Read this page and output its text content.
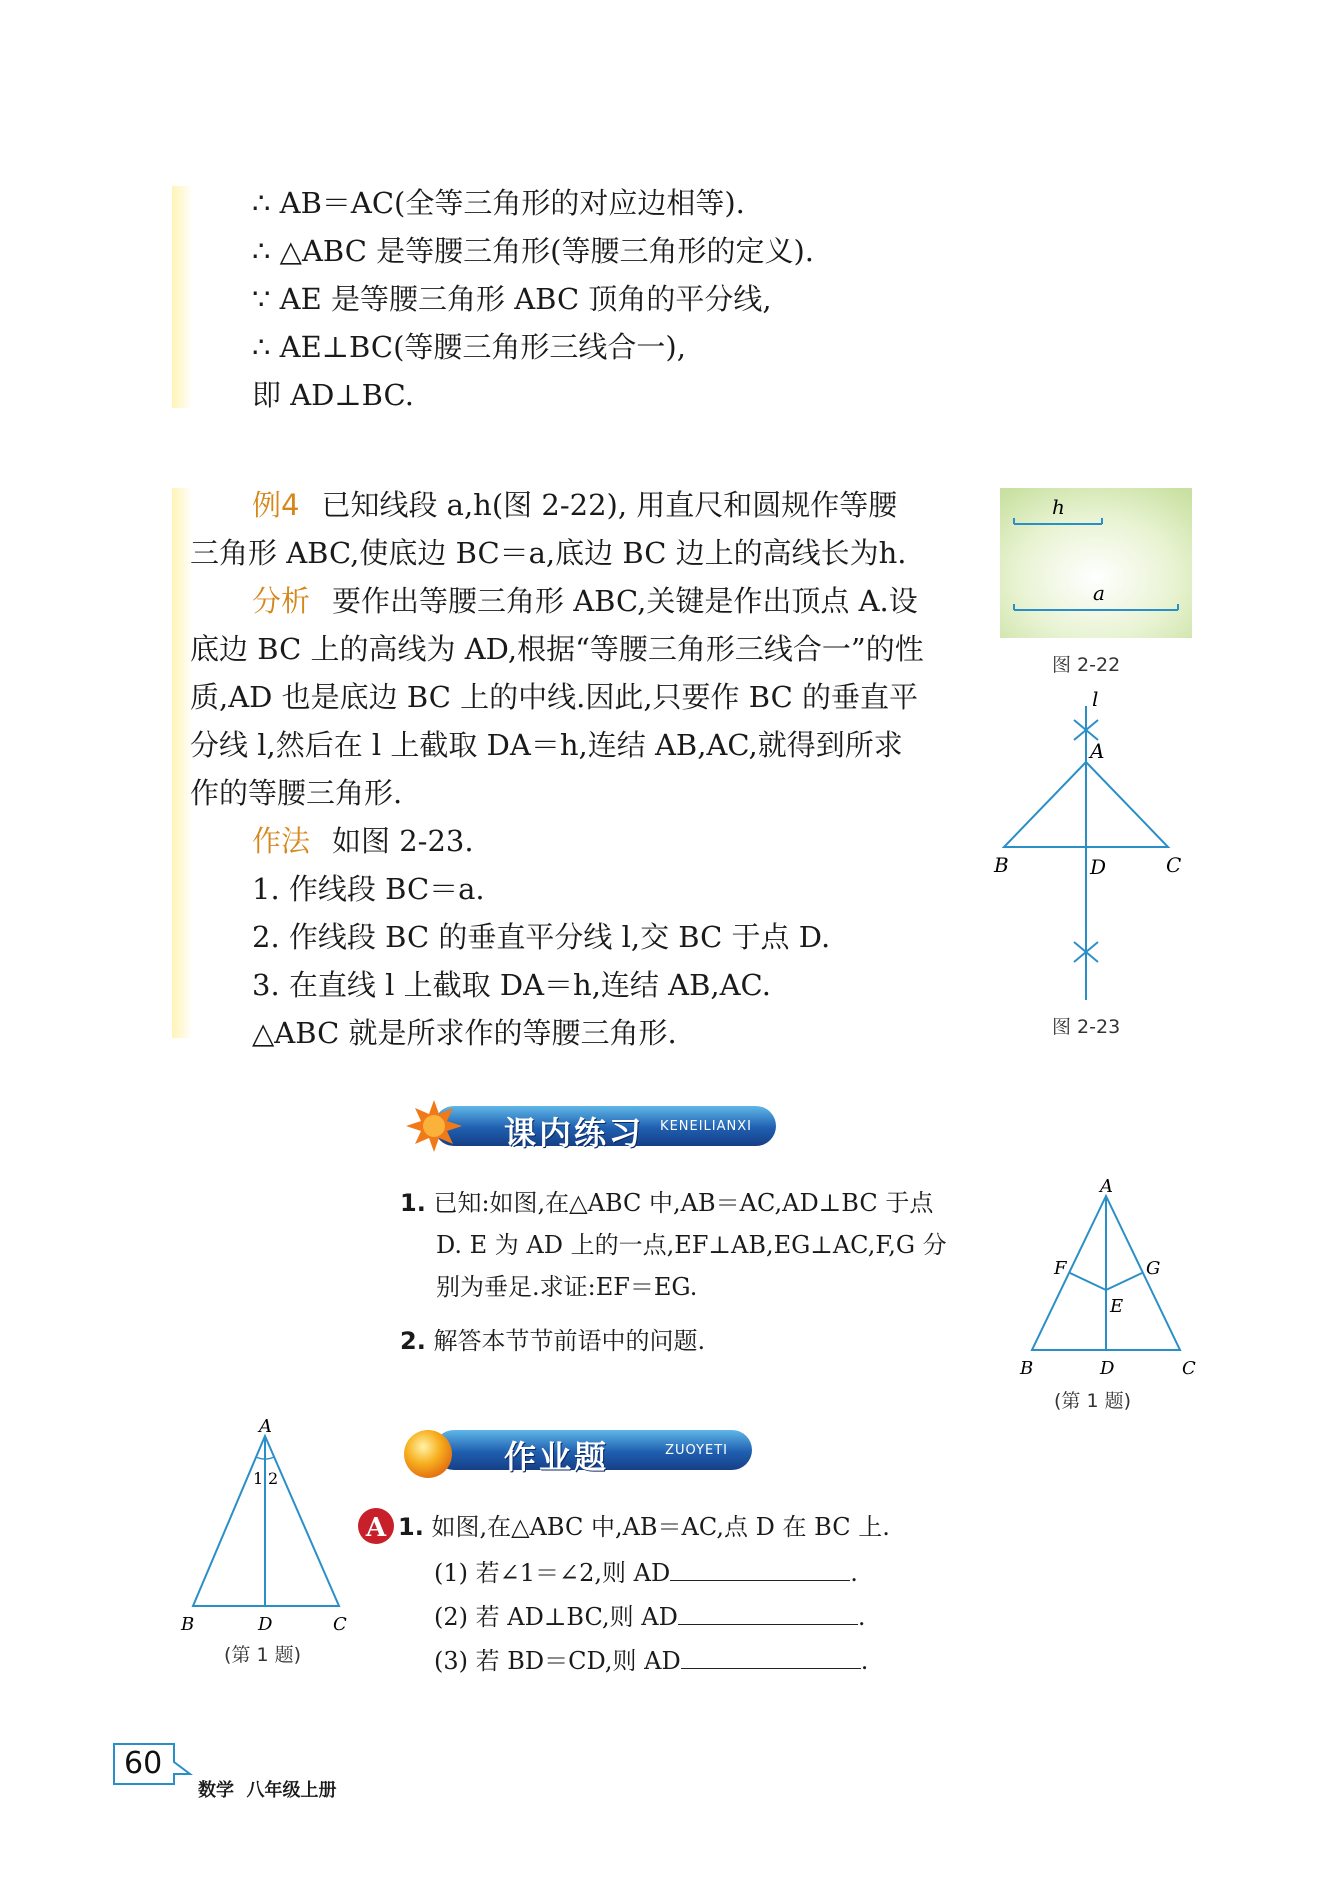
∴ AB＝AC(全等三角形的对应边相等).
∴ △ABC 是等腰三角形(等腰三角形的定义).
∵ AE 是等腰三角形 ABC 顶角的平分线,
∴ AE⊥BC(等腰三角形三线合一),
即 AD⊥BC.
例4 已知线段 a,h(图 2-22), 用直尺和圆规作等腰
三角形 ABC,使底边 BC＝a,底边 BC 边上的高线长为h.
分析 要作出等腰三角形 ABC,关键是作出顶点 A.设
底边 BC 上的高线为 AD,根据“等腰三角形三线合一”的性
质,AD 也是底边 BC 上的中线.因此,只要作 BC 的垂直平
分线 l,然后在 l 上截取 DA＝h,连结 AB,AC,就得到所求
作的等腰三角形.
作法 如图 2-23.
1. 作线段 BC＝a.
2. 作线段 BC 的垂直平分线 l,交 BC 于点 D.
3. 在直线 l 上截取 DA＝h,连结 AB,AC.
△ABC 就是所求作的等腰三角形.
h
a
图 2-22
l
A
B	C
D
图 2-23
课内练习 KENEILIANXI
1. 已知:如图,在△ABC 中,AB＝AC,AD⊥BC 于点
D. E 为 AD 上的一点,EF⊥AB,EG⊥AC,F,G 分
别为垂足.求证:EF＝EG.
2. 解答本节节前语中的问题.
A
B	C
D
E
F	G
(第 1 题)
作业题	ZUOYETI
A 1. 如图,在△ABC 中,AB＝AC,点 D 在 BC 上.
(1) 若∠1＝∠2,则 AD	.
(2) 若 AD⊥BC,则 AD	.
(3) 若 BD＝CD,则 AD	.
A
B	C
D
1 2
(第 1 题)
60
数学  八年级上册
